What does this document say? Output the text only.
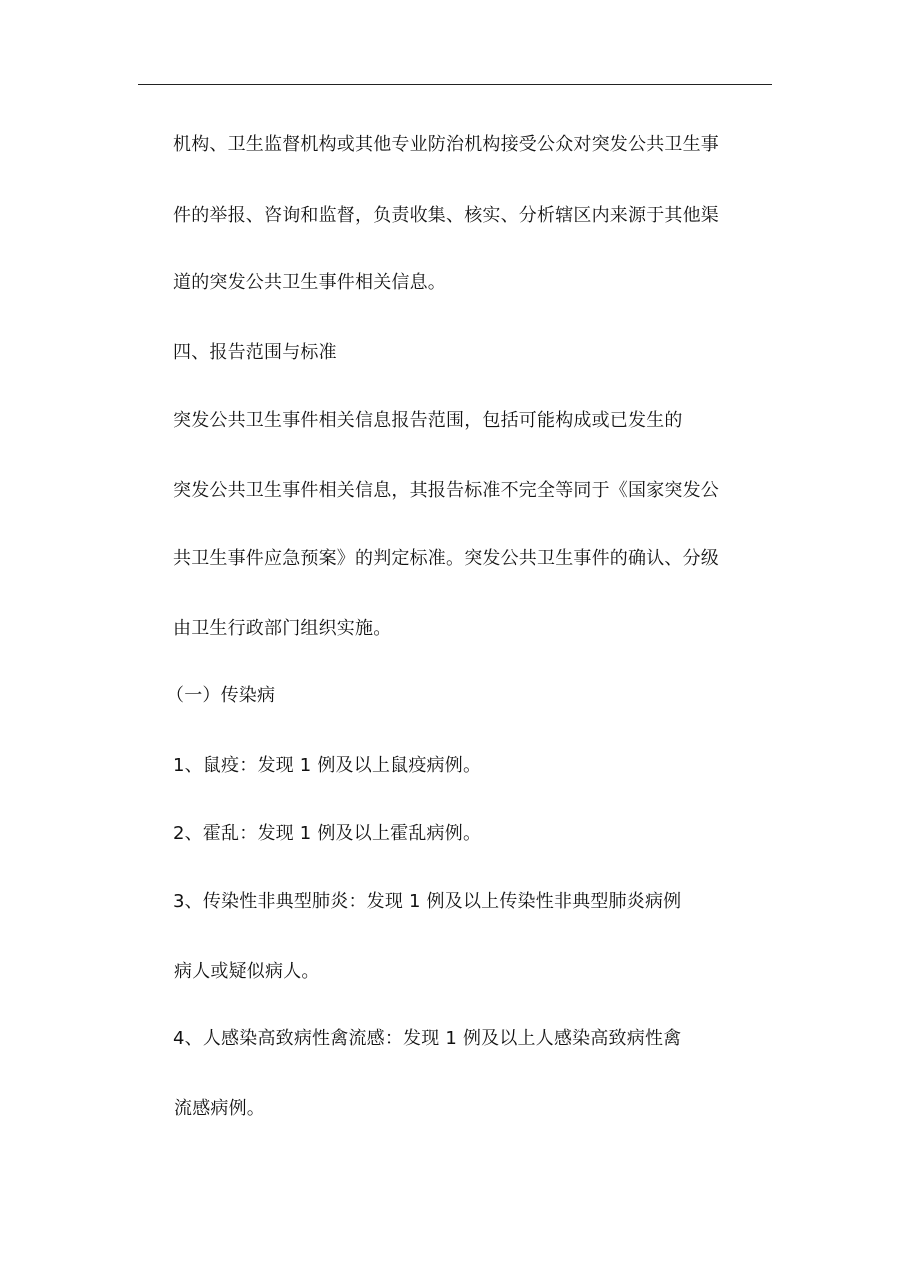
机构、卫生监督机构或其他专业防治机构接受公众对突发公共卫生事
件的举报、咨询和监督，负责收集、核实、分析辖区内来源于其他渠
道的突发公共卫生事件相关信息。
四、报告范围与标准
突发公共卫生事件相关信息报告范围，包括可能构成或已发生的
突发公共卫生事件相关信息，其报告标准不完全等同于《国家突发公
共卫生事件应急预案》的判定标准。突发公共卫生事件的确认、分级
由卫生行政部门组织实施。
（一）传染病
1、鼠疫：发现 1 例及以上鼠疫病例。
2、霍乱：发现 1 例及以上霍乱病例。
3、传染性非典型肺炎：发现 1 例及以上传染性非典型肺炎病例
病人或疑似病人。
4、人感染高致病性禽流感：发现 1 例及以上人感染高致病性禽
流感病例。
